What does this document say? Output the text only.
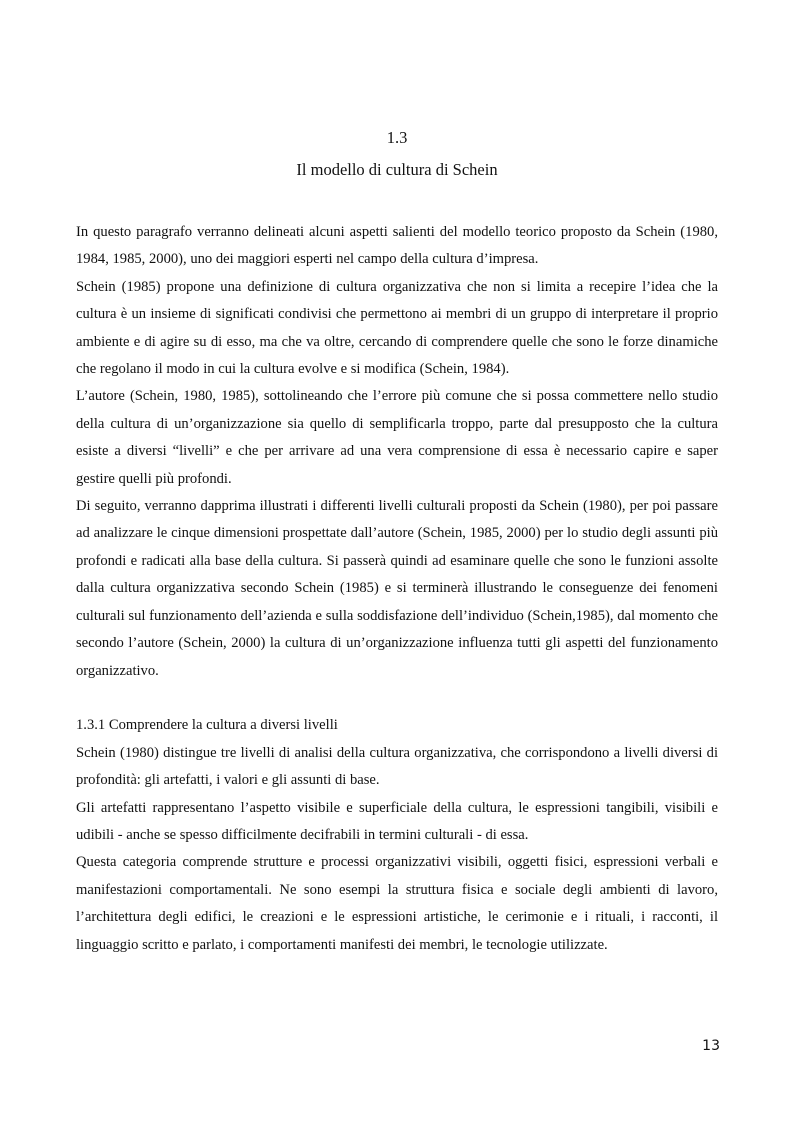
1.3
Il modello di cultura di Schein

In questo paragrafo verranno delineati alcuni aspetti salienti del modello teorico proposto da Schein (1980, 1984, 1985, 2000), uno dei maggiori esperti nel campo della cultura d’impresa.

Schein (1985) propone una definizione di cultura organizzativa che non si limita a recepire l’idea che la cultura è un insieme di significati condivisi che permettono ai membri di un gruppo di interpretare il proprio ambiente e di agire su di esso, ma che va oltre, cercando di comprendere quelle che sono le forze dinamiche che regolano il modo in cui la cultura evolve e si modifica (Schein, 1984).

L’autore (Schein, 1980, 1985), sottolineando che l’errore più comune che si possa commettere nello studio della cultura di un’organizzazione sia quello di semplificarla troppo, parte dal presupposto che la cultura esiste a diversi “livelli” e che per arrivare ad una vera comprensione di essa è necessario capire e saper gestire quelli più profondi.

Di seguito, verranno dapprima illustrati i differenti livelli culturali proposti da Schein (1980), per poi passare ad analizzare le cinque dimensioni prospettate dall’autore (Schein, 1985, 2000) per lo studio degli assunti più profondi e radicati alla base della cultura. Si passerà quindi ad esaminare quelle che sono le funzioni assolte dalla cultura organizzativa secondo Schein (1985) e si terminerà illustrando le conseguenze dei fenomeni culturali sul funzionamento dell’azienda e sulla soddisfazione dell’individuo (Schein,1985), dal momento che secondo l’autore (Schein, 2000) la cultura di un’organizzazione influenza tutti gli aspetti del funzionamento organizzativo.

1.3.1 Comprendere la cultura a diversi livelli

Schein (1980) distingue tre livelli di analisi della cultura organizzativa, che corrispondono a livelli diversi di profondità: gli artefatti, i valori e gli assunti di base.

Gli artefatti rappresentano l’aspetto visibile e superficiale della cultura, le espressioni tangibili, visibili e udibili - anche se spesso difficilmente decifrabili in termini culturali - di essa.

Questa categoria comprende strutture e processi organizzativi visibili, oggetti fisici, espressioni verbali e manifestazioni comportamentali. Ne sono esempi la struttura fisica e sociale degli ambienti di lavoro, l’architettura degli edifici, le creazioni e le espressioni artistiche, le cerimonie e i rituali, i racconti, il linguaggio scritto e parlato, i comportamenti manifesti dei membri, le tecnologie utilizzate.

13
